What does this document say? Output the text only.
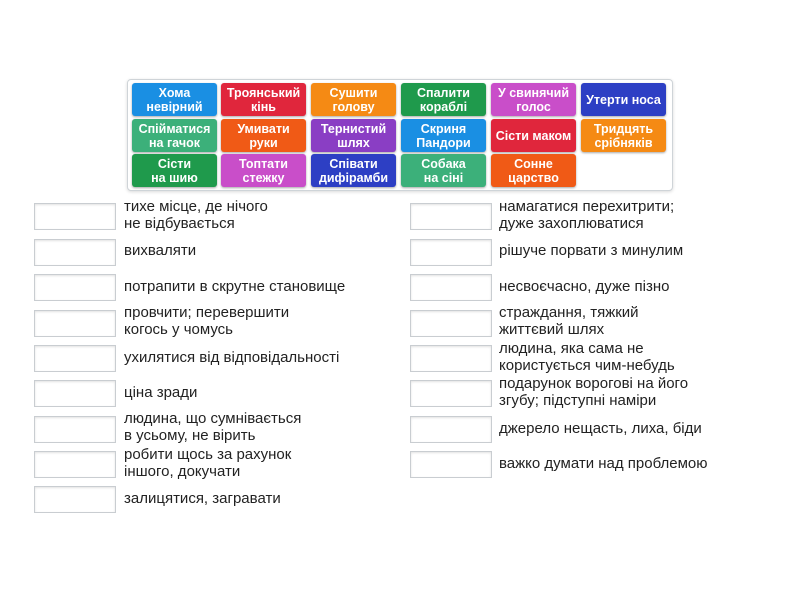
Хома
невірний
Троянський
кінь
Сушити
голову
Спалити
кораблі
У свинячий
голос	Утерти носа
Спійматися
на гачок
Умивати
руки
Тернистий
шлях
Скриня
Пандори	Сісти маком	Тридцять
срібняків
Сісти
на шию
Топтати
стежку
Співати
дифірамби
Собака
на сіні
Сонне
царство
тихе місце, де нічого
не відбувається
вихваляти
потрапити в скрутне становище
провчити; перевершити
когось у чомусь
ухилятися від відповідальності
ціна зради
людина, що сумнівається
в усьому, не вірить
робити щось за рахунок
іншого, докучати
залицятися, загравати
намагатися перехитрити;
дуже захоплюватися
рішуче порвати з минулим
несвоєчасно, дуже пізно
страждання, тяжкий
життєвий шлях
людина, яка сама не
користується чим-небудь
подарунок ворогові на його
згубу; підступні наміри
джерело нещасть, лиха, біди
важко думати над проблемою
